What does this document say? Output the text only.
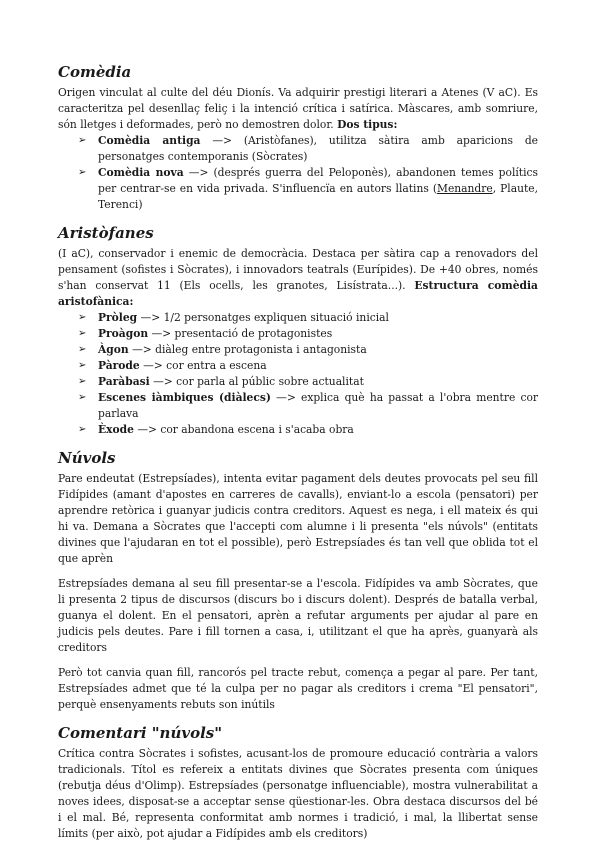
Comèdia

Origen vinculat al culte del déu Dionís. Va adquirir prestigi literari a Atenes (V aC). Es caracteritza pel desenllaç feliç i la intenció crítica i satírica. Màscares, amb somriure, són lletges i deformades, però no demostren dolor. Dos tipus:

➢ Comèdia antiga —> (Aristòfanes), utilitza sàtira amb aparicions de personatges contemporanis (Sòcrates)
➢ Comèdia nova —> (després guerra del Peloponès), abandonen temes polítics per centrar-se en vida privada. S'influencïa en autors llatins (Menandre, Plaute, Terenci)
Aristòfanes

(I aC), conservador i enemic de democràcia. Destaca per sàtira cap a renovadors del pensament (sofistes i Sòcrates), i innovadors teatrals (Eurípides). De +40 obres, només s'han conservat 11 (Els ocells, les granotes, Lisístrata...). Estructura comèdia aristofànica:

➢ Pròleg —> 1/2 personatges expliquen situació inicial
➢ Proàgon —> presentació de protagonistes
➢ Àgon —> diàleg entre protagonista i antagonista
➢ Pàrode —> cor entra a escena
➢ Paràbasi —> cor parla al públic sobre actualitat
➢ Escenes iàmbiques (diàlecs) —> explica què ha passat a l'obra mentre cor parlava
➢ Èxode —> cor abandona escena i s'acaba obra
Núvols

Pare endeutat (Estrepsíades), intenta evitar pagament dels deutes provocats pel seu fill Fidípides (amant d'apostes en carreres de cavalls), enviant-lo a escola (pensatori) per aprendre retòrica i guanyar judicis contra creditors. Aquest es nega, i ell mateix és qui hi va. Demana a Sòcrates que l'accepti com alumne i li presenta "els núvols" (entitats divines que l'ajudaran en tot el possible), però Estrepsíades és tan vell que oblida tot el que aprèn

Estrepsíades demana al seu fill presentar-se a l'escola. Fidípides va amb Sòcrates, que li presenta 2 tipus de discursos (discurs bo i discurs dolent). Després de batalla verbal, guanya el dolent. En el pensatori, aprèn a refutar arguments per ajudar al pare en judicis pels deutes. Pare i fill tornen a casa, i, utilitzant el que ha après, guanyarà als creditors

Però tot canvia quan fill, rancorós pel tracte rebut, comença a pegar al pare. Per tant, Estrepsíades admet que té la culpa per no pagar als creditors i crema "El pensatori", perquè ensenyaments rebuts son inútils

Comentari "núvols"

Crítica contra Sòcrates i sofistes, acusant-los de promoure educació contrària a valors tradicionals. Títol es refereix a entitats divines que Sòcrates presenta com úniques (rebutja déus d'Olimp). Estrepsíades (personatge influenciable), mostra vulnerabilitat a noves idees, disposat-se a acceptar sense qüestionar-les. Obra destaca discursos del bé i el mal. Bé, representa conformitat amb normes i tradició, i mal, la llibertat sense límits (per això, pot ajudar a Fidípides amb els creditors)
